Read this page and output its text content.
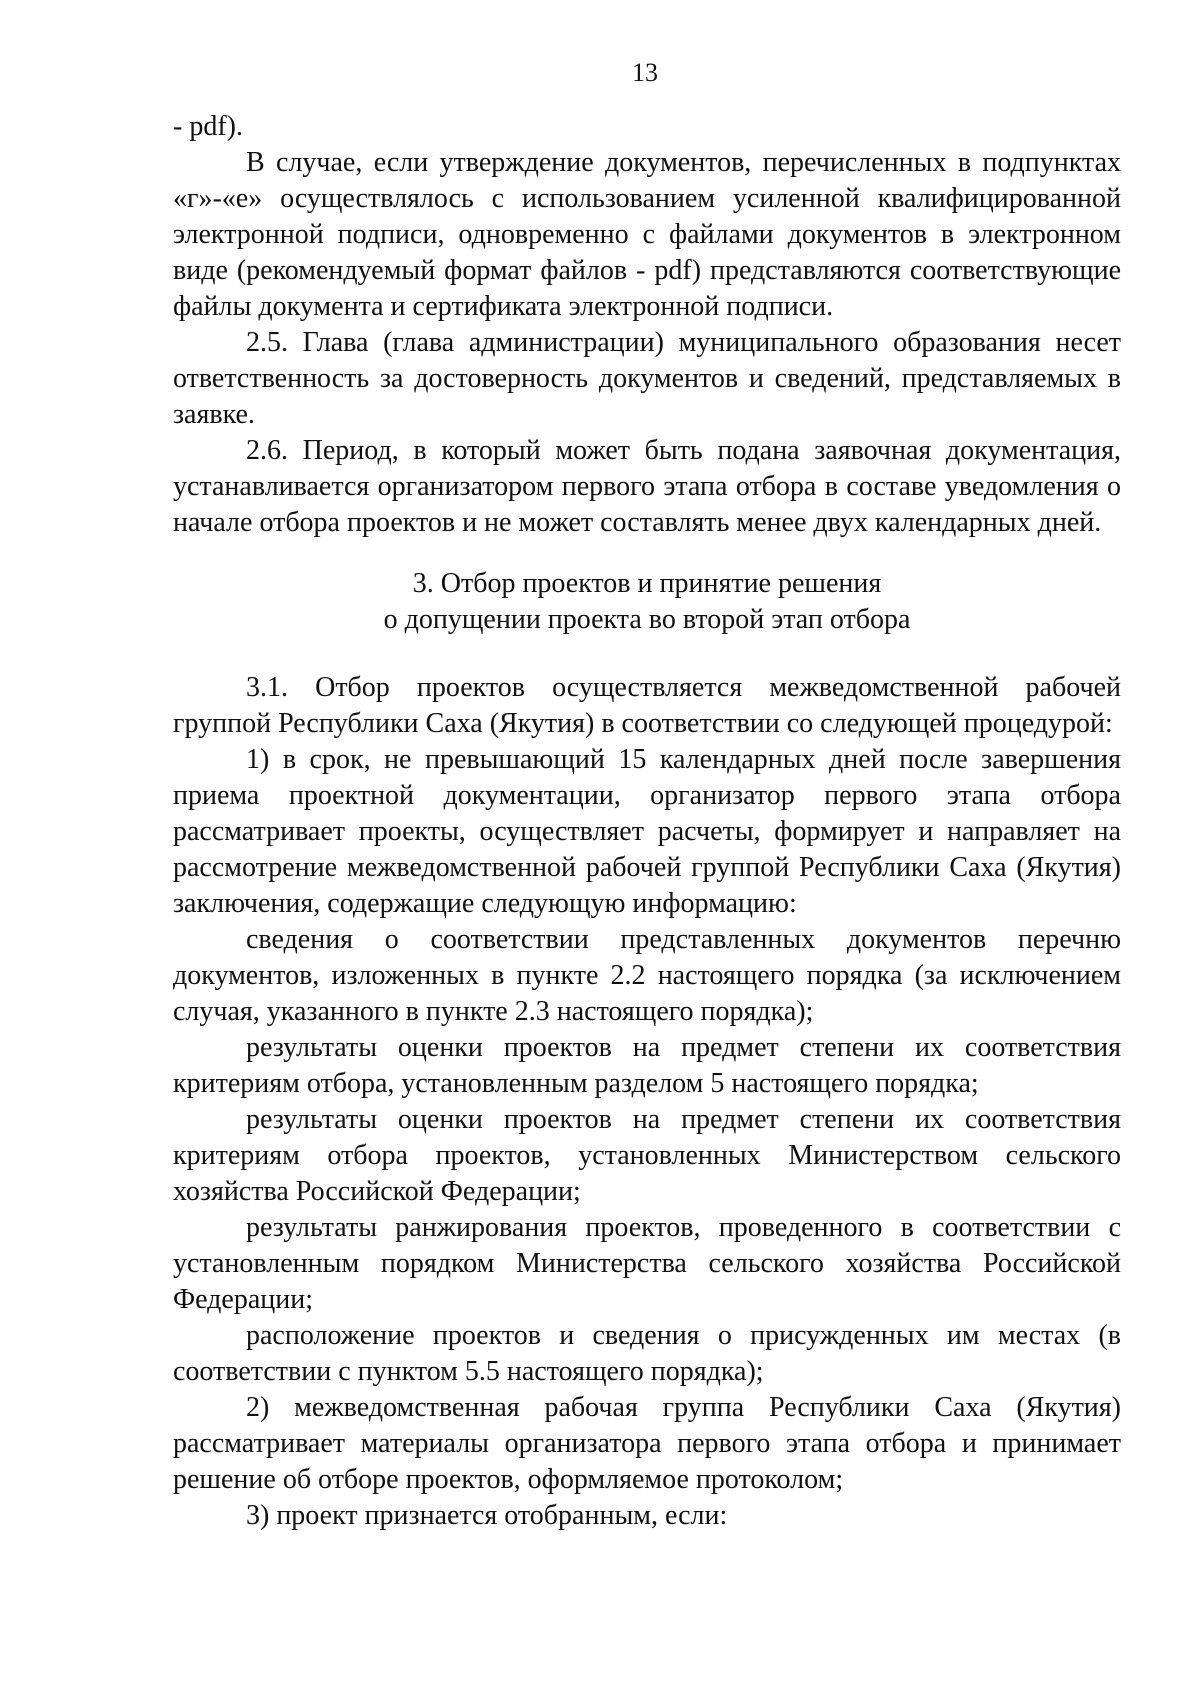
13

- pdf).

В случае, если утверждение документов, перечисленных в подпунктах «г»-«е» осуществлялось с использованием усиленной квалифицированной электронной подписи, одновременно с файлами документов в электронном виде (рекомендуемый формат файлов - pdf) представляются соответствующие файлы документа и сертификата электронной подписи.

2.5. Глава (глава администрации) муниципального образования несет ответственность за достоверность документов и сведений, представляемых в заявке.

2.6. Период, в который может быть подана заявочная документация, устанавливается организатором первого этапа отбора в составе уведомления о начале отбора проектов и не может составлять менее двух календарных дней.

3. Отбор проектов и принятие решения

о допущении проекта во второй этап отбора

3.1. Отбор проектов осуществляется межведомственной рабочей группой Республики Саха (Якутия) в соответствии со следующей процедурой:

1) в срок, не превышающий 15 календарных дней после завершения приема проектной документации, организатор первого этапа отбора рассматривает проекты, осуществляет расчеты, формирует и направляет на рассмотрение межведомственной рабочей группой Республики Саха (Якутия) заключения, содержащие следующую информацию:

сведения о соответствии представленных документов перечню документов, изложенных в пункте 2.2 настоящего порядка (за исключением случая, указанного в пункте 2.3 настоящего порядка);

результаты оценки проектов на предмет степени их соответствия критериям отбора, установленным разделом 5 настоящего порядка;

результаты оценки проектов на предмет степени их соответствия критериям отбора проектов, установленных Министерством сельского хозяйства Российской Федерации;

результаты ранжирования проектов, проведенного в соответствии с установленным порядком Министерства сельского хозяйства Российской Федерации;

расположение проектов и сведения о присужденных им местах (в соответствии с пунктом 5.5 настоящего порядка);

2) межведомственная рабочая группа Республики Саха (Якутия) рассматривает материалы организатора первого этапа отбора и принимает решение об отборе проектов, оформляемое протоколом;

3) проект признается отобранным, если:
